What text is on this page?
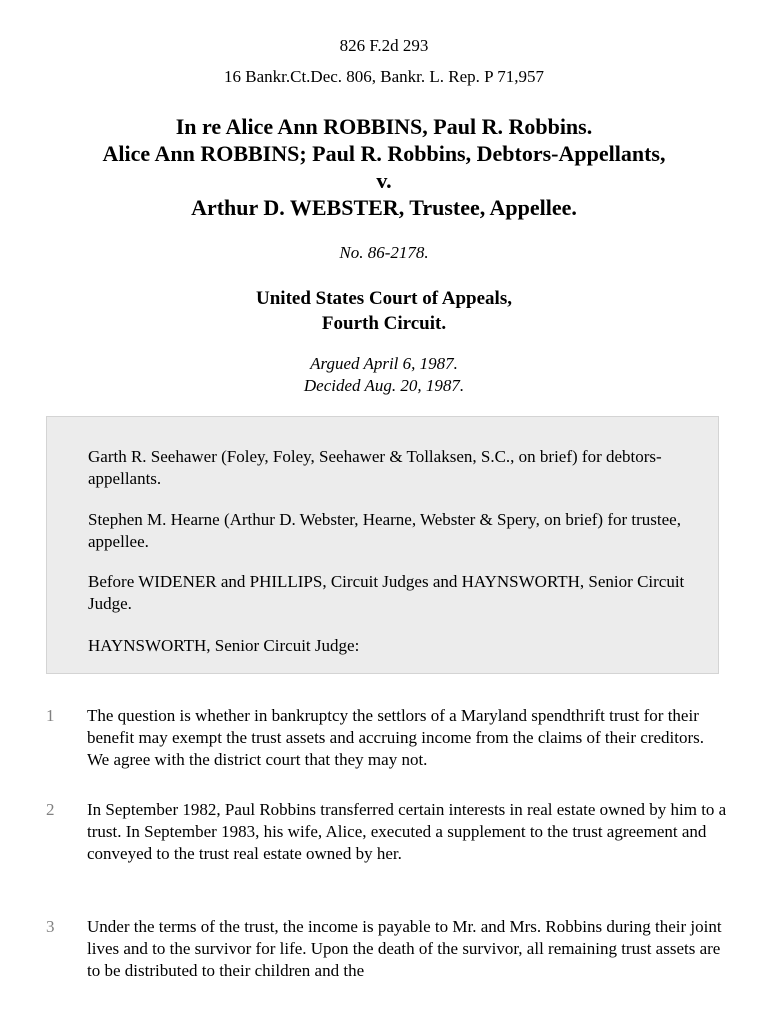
826 F.2d 293
16 Bankr.Ct.Dec. 806, Bankr. L. Rep. P 71,957
In re Alice Ann ROBBINS, Paul R. Robbins.
Alice Ann ROBBINS; Paul R. Robbins, Debtors-Appellants,
v.
Arthur D. WEBSTER, Trustee, Appellee.
No. 86-2178.
United States Court of Appeals,
Fourth Circuit.
Argued April 6, 1987.
Decided Aug. 20, 1987.
Garth R. Seehawer (Foley, Foley, Seehawer & Tollaksen, S.C., on brief) for debtors-appellants.
Stephen M. Hearne (Arthur D. Webster, Hearne, Webster & Spery, on brief) for trustee, appellee.
Before WIDENER and PHILLIPS, Circuit Judges and HAYNSWORTH, Senior Circuit Judge.
HAYNSWORTH, Senior Circuit Judge:
1 The question is whether in bankruptcy the settlors of a Maryland spendthrift trust for their benefit may exempt the trust assets and accruing income from the claims of their creditors. We agree with the district court that they may not.
2 In September 1982, Paul Robbins transferred certain interests in real estate owned by him to a trust. In September 1983, his wife, Alice, executed a supplement to the trust agreement and conveyed to the trust real estate owned by her.
3 Under the terms of the trust, the income is payable to Mr. and Mrs. Robbins during their joint lives and to the survivor for life. Upon the death of the survivor, all remaining trust assets are to be distributed to their children and the
